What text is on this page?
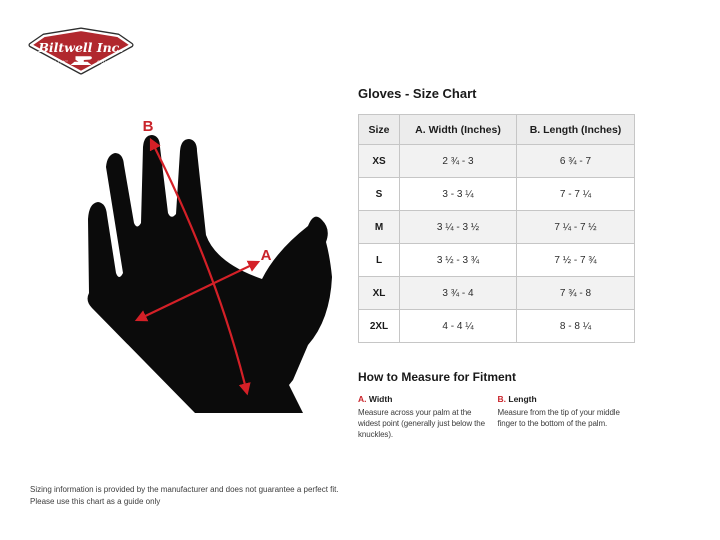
Biltwell Inc.
"QUALITY"	COUNTS"
B
A
Gloves - Size Chart
Size	A. Width (Inches)	B. Length (Inches)
XS	2 ¾ - 3	6 ¾ - 7
S	3 - 3 ¼	7 - 7 ¼
M	3 ¼ - 3 ½	7 ¼ - 7 ½
L	3 ½ - 3 ¾	7 ½ - 7 ¾
XL	3 ¾ - 4	7 ¾ - 8
2XL	4 - 4 ¼	8 - 8 ¼
How to Measure for Fitment
A. Width

Measure across your palm at the widest point (generally just below the knuckles).

B. Length

Measure from the tip of your middle finger to the bottom of the palm.

Sizing information is provided by the manufacturer and does not guarantee a perfect fit.
Please use this chart as a guide only
